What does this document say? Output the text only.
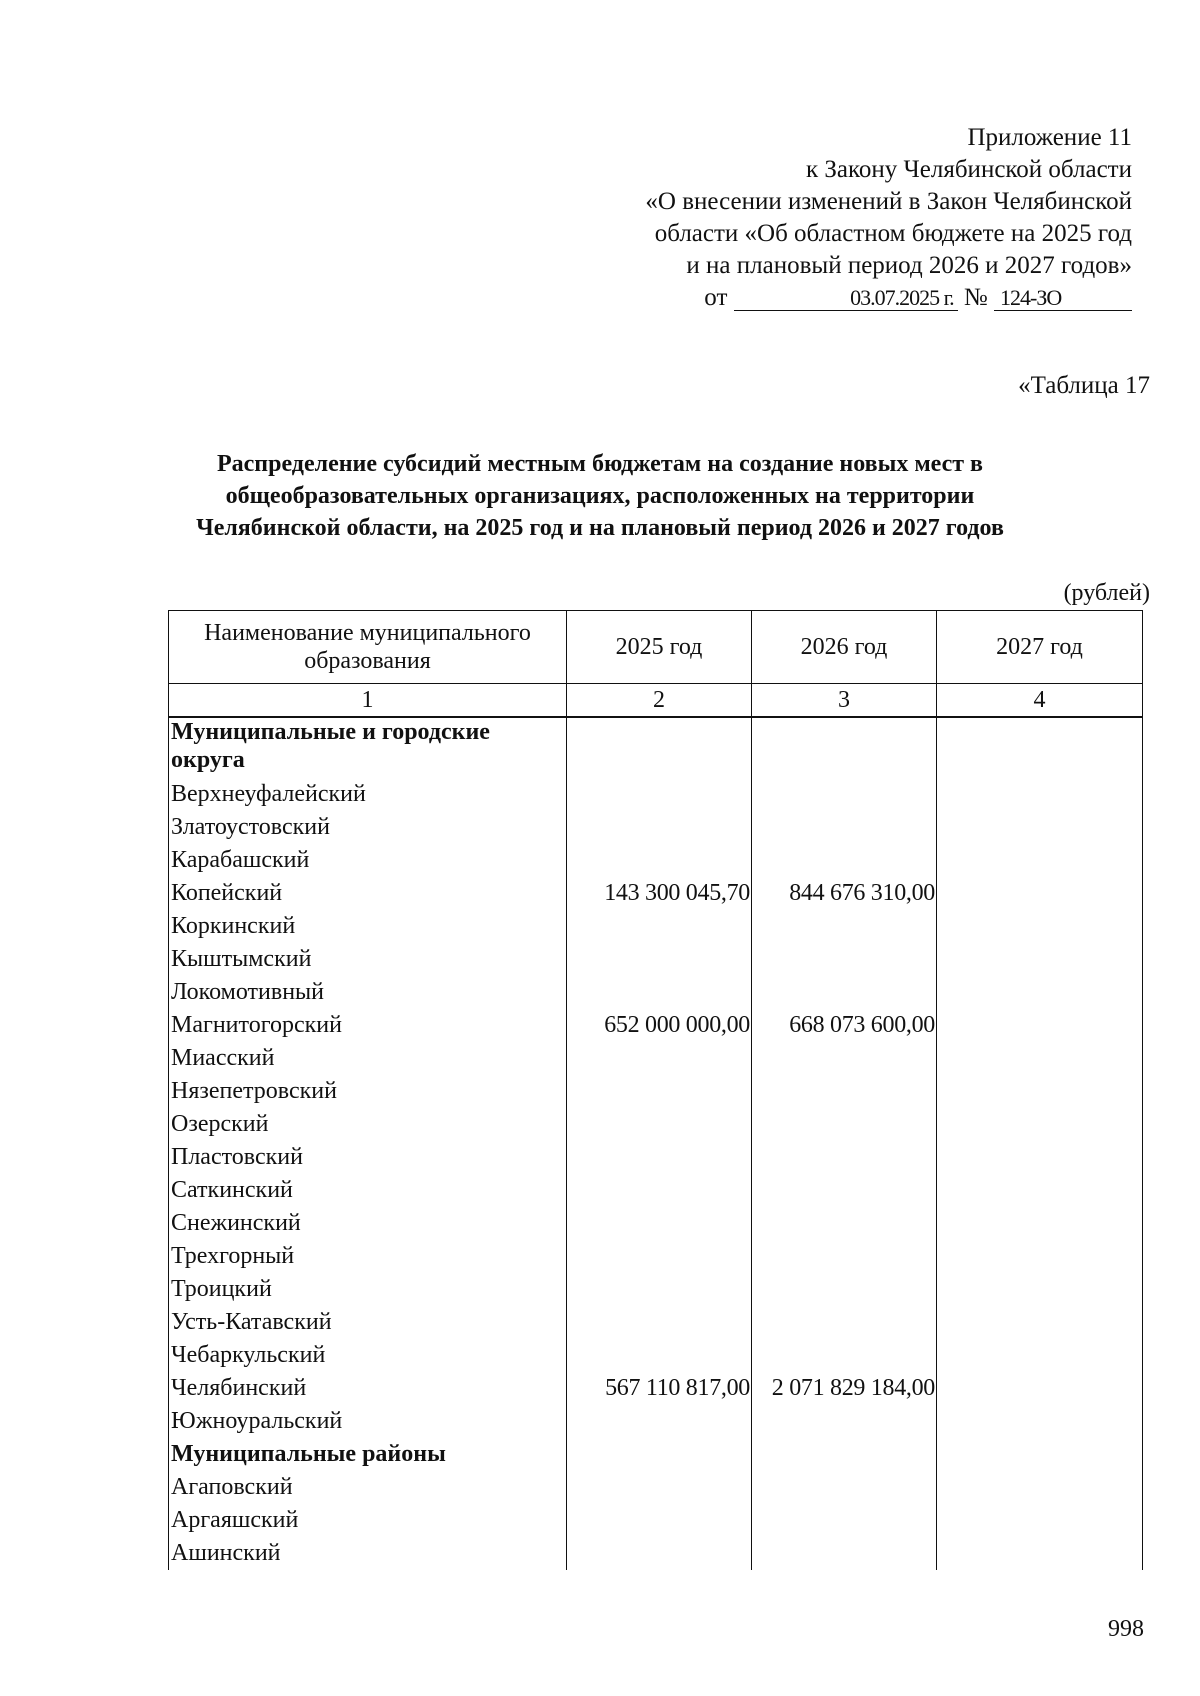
Приложение 11
к Закону Челябинской области
«О внесении изменений в Закон Челябинской
области «Об областном бюджете на 2025 год
и на плановый период 2026 и 2027 годов»
от	03.07.2025 г. № 124-ЗО
«Таблица 17
Распределение субсидий местным бюджетам на создание новых мест в общеобразовательных организациях, расположенных на территории Челябинской области, на 2025 год и на плановый период 2026 и 2027 годов
(рублей)
Наименование муниципального образования	2025 год	2026 год	2027 год
1	2	3	4
Муниципальные и городские округа			
Верхнеуфалейский			
Златоустовский			
Карабашский			
Копейский	143 300 045,70	844 676 310,00	
Коркинский			
Кыштымский			
Локомотивный			
Магнитогорский	652 000 000,00	668 073 600,00	
Миасский			
Нязепетровский			
Озерский			
Пластовский			
Саткинский			
Снежинский			
Трехгорный			
Троицкий			
Усть-Катавский			
Чебаркульский			
Челябинский	567 110 817,00	2 071 829 184,00	
Южноуральский			
Муниципальные районы			
Агаповский			
Аргаяшский			
Ашинский			
998
